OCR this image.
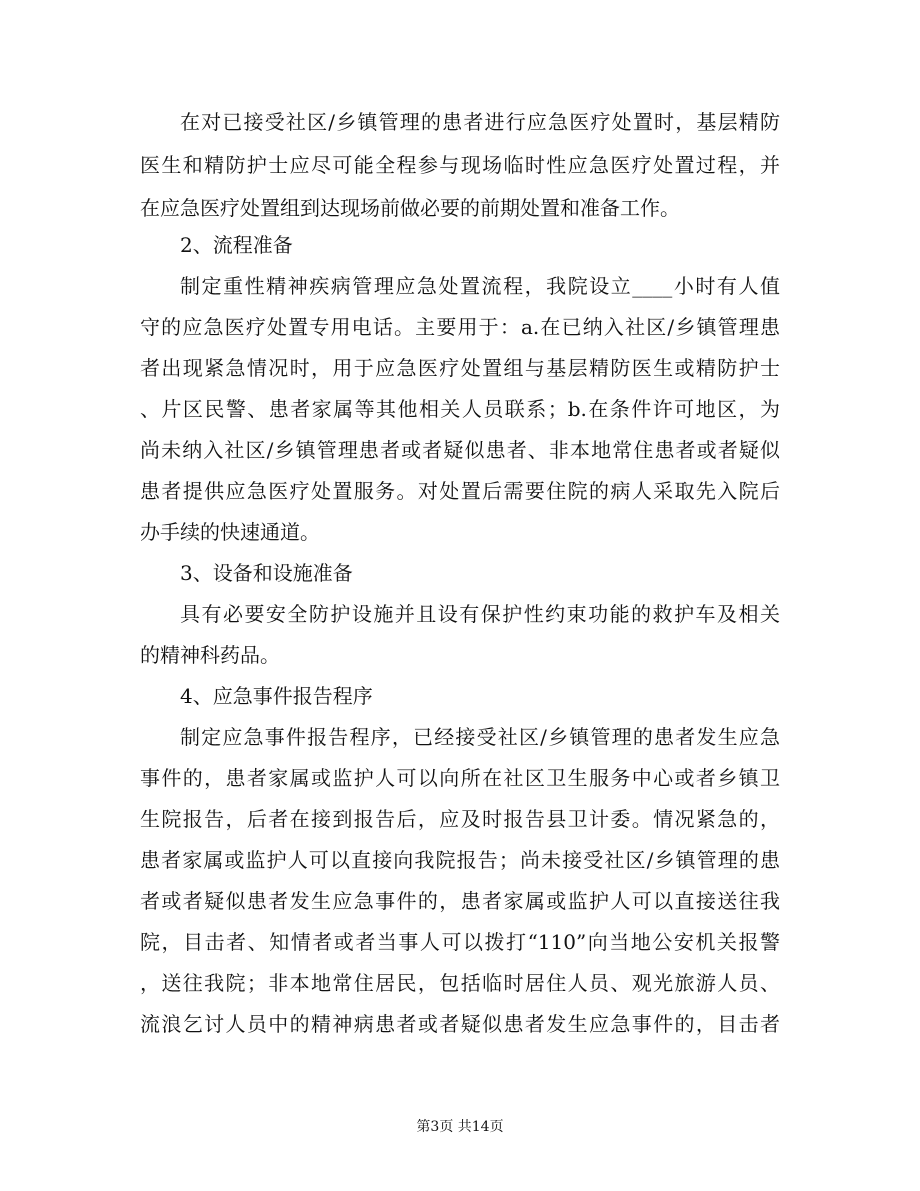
在对已接受社区/乡镇管理的患者进行应急医疗处置时，基层精防
医生和精防护士应尽可能全程参与现场临时性应急医疗处置过程，并
在应急医疗处置组到达现场前做必要的前期处置和准备工作。
2、流程准备
制定重性精神疾病管理应急处置流程，我院设立____小时有人值
守的应急医疗处置专用电话。主要用于：a.在已纳入社区/乡镇管理患
者出现紧急情况时，用于应急医疗处置组与基层精防医生或精防护士
、片区民警、患者家属等其他相关人员联系；b.在条件许可地区，为
尚未纳入社区/乡镇管理患者或者疑似患者、非本地常住患者或者疑似
患者提供应急医疗处置服务。对处置后需要住院的病人采取先入院后
办手续的快速通道。
3、设备和设施准备
具有必要安全防护设施并且设有保护性约束功能的救护车及相关
的精神科药品。
4、应急事件报告程序
制定应急事件报告程序，已经接受社区/乡镇管理的患者发生应急
事件的，患者家属或监护人可以向所在社区卫生服务中心或者乡镇卫
生院报告，后者在接到报告后，应及时报告县卫计委。情况紧急的，
患者家属或监护人可以直接向我院报告；尚未接受社区/乡镇管理的患
者或者疑似患者发生应急事件的，患者家属或监护人可以直接送往我
院，目击者、知情者或者当事人可以拨打“110”向当地公安机关报警
，送往我院；非本地常住居民，包括临时居住人员、观光旅游人员、
流浪乞讨人员中的精神病患者或者疑似患者发生应急事件的，目击者
第3页 共14页
